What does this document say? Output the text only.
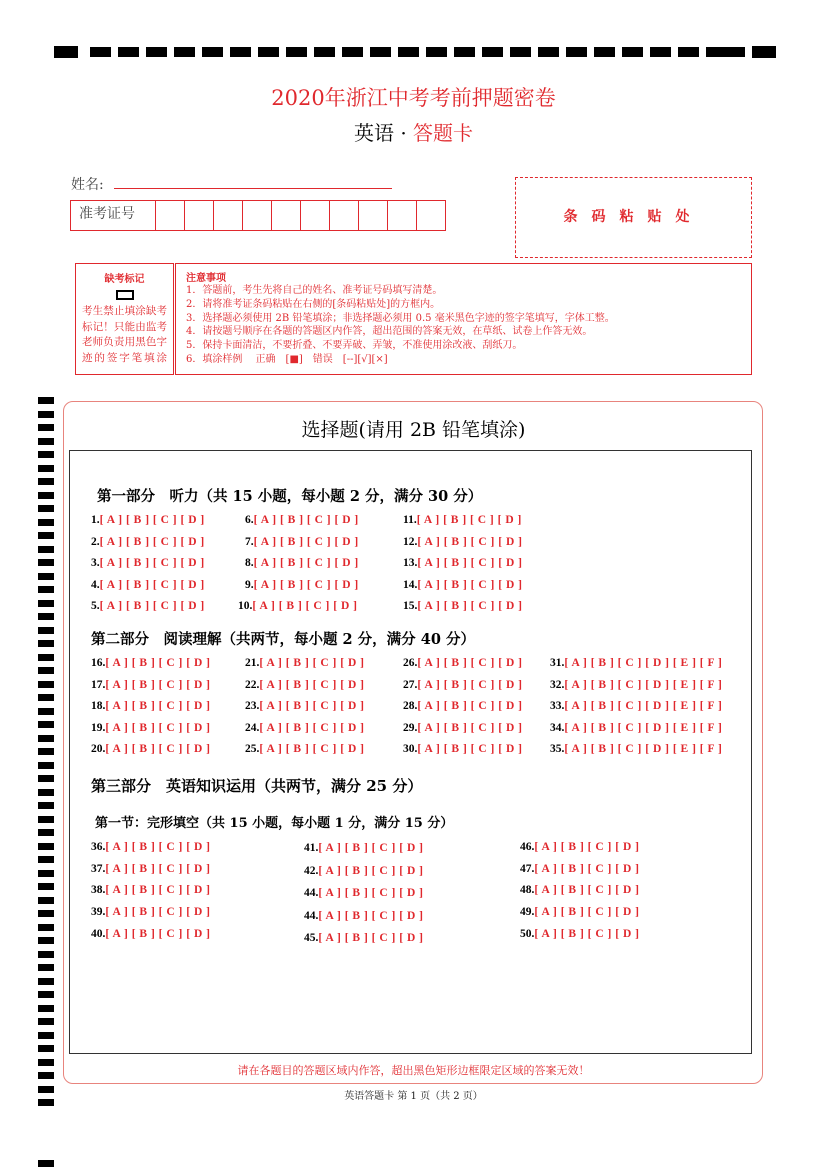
2020年浙江中考考前押题密卷
英语 · 答题卡
姓名:
准考证号	条码粘贴处
缺考标记
考生禁止填涂缺考标记！只能由监考老师负责用黑色字迹的签字笔填涂
注意事项
1．答题前，考生先将自己的姓名、准考证号码填写清楚。
2．请将准考证条码粘贴在右侧的[条码粘贴处]的方框内。
3．选择题必须使用 2B 铅笔填涂；非选择题必须用 0.5 毫米黑色字迹的签字笔填写，字体工整。
4．请按题号顺序在各题的答题区内作答，超出范围的答案无效，在草纸、试卷上作答无效。
5．保持卡面清洁，不要折叠、不要弄破、弄皱，不准使用涂改液、刮纸刀。
6．填涂样例　 正确　[■]　错误　[--][√][×]
选择题(请用 2B 铅笔填涂)
第一部分　听力（共 15 小题，每小题 2 分，满分 30 分）
第二部分　阅读理解（共两节，每小题 2 分，满分 40 分）
第三部分　英语知识运用（共两节，满分 25 分）
第一节：完形填空（共 15 小题，每小题 1 分，满分 15 分）
1.[ A ] [ B ] [ C ] [ D ]	6.[ A ] [ B ] [ C ] [ D ]	11.[ A ] [ B ] [ C ] [ D ]
2.[ A ] [ B ] [ C ] [ D ]	7.[ A ] [ B ] [ C ] [ D ]	12.[ A ] [ B ] [ C ] [ D ]
3.[ A ] [ B ] [ C ] [ D ]	8.[ A ] [ B ] [ C ] [ D ]	13.[ A ] [ B ] [ C ] [ D ]
4.[ A ] [ B ] [ C ] [ D ]	9.[ A ] [ B ] [ C ] [ D ]	14.[ A ] [ B ] [ C ] [ D ]
5.[ A ] [ B ] [ C ] [ D ]	10.[ A ] [ B ] [ C ] [ D ]	15.[ A ] [ B ] [ C ] [ D ]
16.[ A ] [ B ] [ C ] [ D ]	21.[ A ] [ B ] [ C ] [ D ]	26.[ A ] [ B ] [ C ] [ D ] 31.[ A ] [ B ] [ C ] [ D ] [ E ] [ F ]
17.[ A ] [ B ] [ C ] [ D ]	22.[ A ] [ B ] [ C ] [ D ]	27.[ A ] [ B ] [ C ] [ D ] 32.[ A ] [ B ] [ C ] [ D ] [ E ] [ F ]
18.[ A ] [ B ] [ C ] [ D ]	23.[ A ] [ B ] [ C ] [ D ]	28.[ A ] [ B ] [ C ] [ D ] 33.[ A ] [ B ] [ C ] [ D ] [ E ] [ F ]
19.[ A ] [ B ] [ C ] [ D ]	24.[ A ] [ B ] [ C ] [ D ]	29.[ A ] [ B ] [ C ] [ D ] 34.[ A ] [ B ] [ C ] [ D ] [ E ] [ F ]
20.[ A ] [ B ] [ C ] [ D ]	25.[ A ] [ B ] [ C ] [ D ]	30.[ A ] [ B ] [ C ] [ D ] 35.[ A ] [ B ] [ C ] [ D ] [ E ] [ F ]
36.[ A ] [ B ] [ C ] [ D ]	41.[ A ] [ B ] [ C ] [ D ]	46.[ A ] [ B ] [ C ] [ D ]
37.[ A ] [ B ] [ C ] [ D ]	42.[ A ] [ B ] [ C ] [ D ]	47.[ A ] [ B ] [ C ] [ D ]
38.[ A ] [ B ] [ C ] [ D ]	44.[ A ] [ B ] [ C ] [ D ]	48.[ A ] [ B ] [ C ] [ D ]
39.[ A ] [ B ] [ C ] [ D ]	44.[ A ] [ B ] [ C ] [ D ]	49.[ A ] [ B ] [ C ] [ D ]
40.[ A ] [ B ] [ C ] [ D ]	45.[ A ] [ B ] [ C ] [ D ]	50.[ A ] [ B ] [ C ] [ D ]
请在各题目的答题区域内作答，超出黑色矩形边框限定区域的答案无效！
英语答题卡 第 1 页（共 2 页）
